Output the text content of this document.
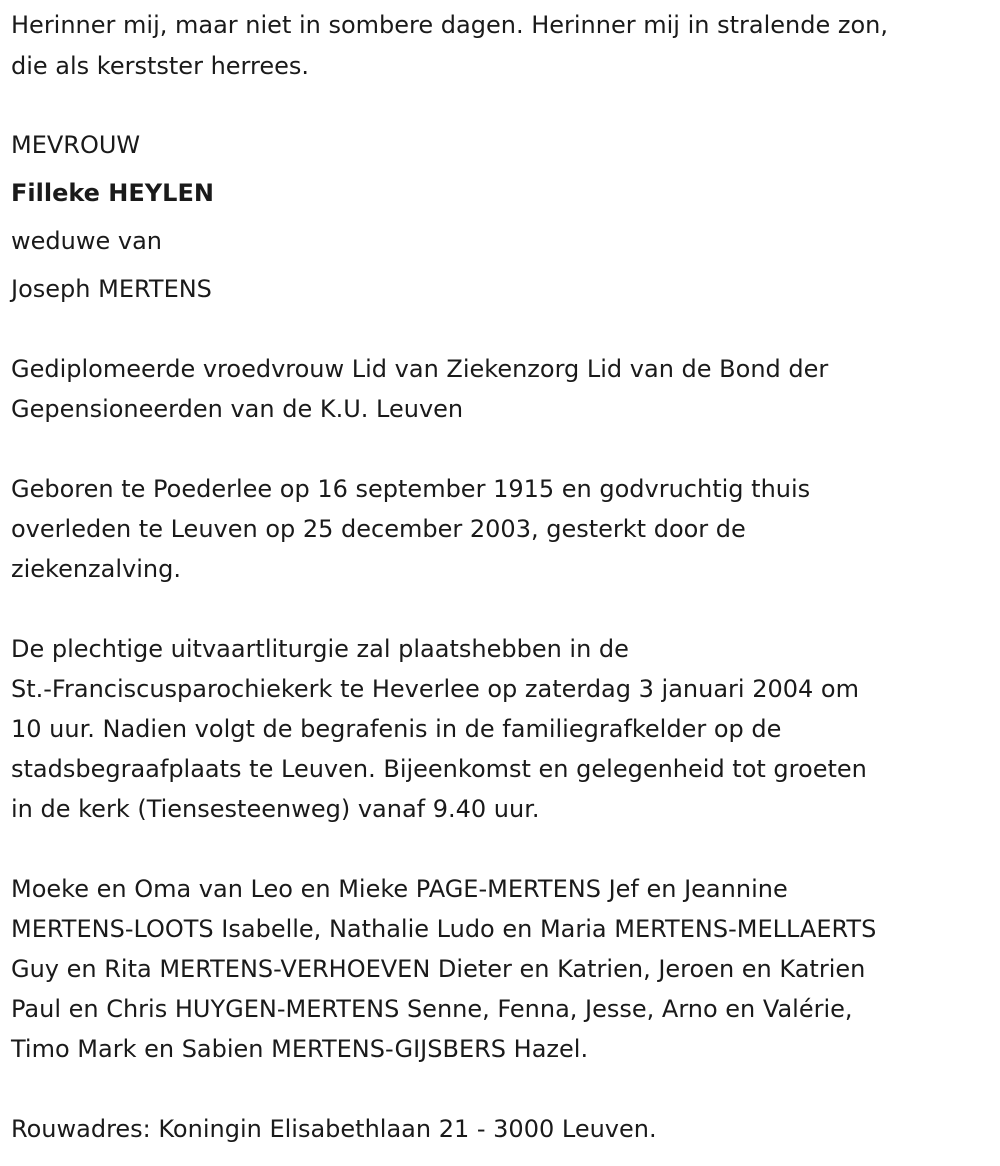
Herinner mij, maar niet in sombere dagen. Herinner mij in stralende zon,
die als kerstster herrees.
MEVROUW
Filleke HEYLEN
weduwe van
Joseph MERTENS
Gediplomeerde vroedvrouw Lid van Ziekenzorg Lid van de Bond der
Gepensioneerden van de K.U. Leuven
Geboren te Poederlee op 16 september 1915 en godvruchtig thuis
overleden te Leuven op 25 december 2003, gesterkt door de
ziekenzalving.
De plechtige uitvaartliturgie zal plaatshebben in de
St.-Franciscusparochiekerk te Heverlee op zaterdag 3 januari 2004 om
10 uur. Nadien volgt de begrafenis in de familiegrafkelder op de
stadsbegraafplaats te Leuven. Bijeenkomst en gelegenheid tot groeten
in de kerk (Tiensesteenweg) vanaf 9.40 uur.
Moeke en Oma van Leo en Mieke PAGE-MERTENS Jef en Jeannine
MERTENS-LOOTS Isabelle, Nathalie Ludo en Maria MERTENS-MELLAERTS
Guy en Rita MERTENS-VERHOEVEN Dieter en Katrien, Jeroen en Katrien
Paul en Chris HUYGEN-MERTENS Senne, Fenna, Jesse, Arno en Valérie,
Timo Mark en Sabien MERTENS-GIJSBERS Hazel.
Rouwadres: Koningin Elisabethlaan 21 - 3000 Leuven.
